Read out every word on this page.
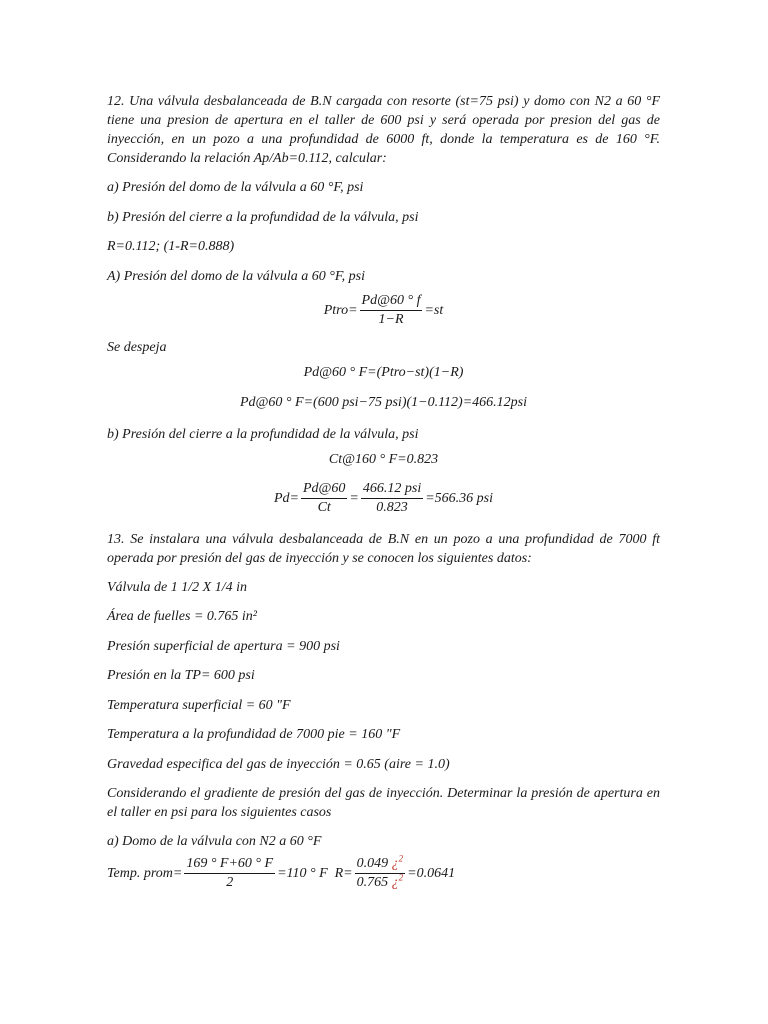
12. Una válvula desbalanceada de B.N cargada con resorte (st=75 psi) y domo con N2 a 60 °F tiene una presion de apertura en el taller de 600 psi y será operada por presion del gas de inyección, en un pozo a una profundidad de 6000 ft, donde la temperatura es de 160 °F. Considerando la relación Ap/Ab=0.112, calcular:

a) Presión del domo de la válvula a 60 °F, psi

b) Presión del cierre a la profundidad de la válvula, psi

R=0.112; (1-R=0.888)

A) Presión del domo de la válvula a 60 °F, psi

Ptro= $\frac{Pd@60 ^\circ f}{1-R} =st$

Se despeja

Pd@60 ° F=(Ptro−st)(1−R)
Pd@60 ° F=(600 psi−75 psi)(1−0.112)=466.12 psi

b) Presión del cierre a la profundidad de la válvula, psi

Ct@160 ° F=0.823
$Pd= \frac{Pd@60}{Ct} = \frac{\text{466.12 psi}}{0.823} =566.36$ psi

13. Se instalara una válvula desbalanceada de B.N en un pozo a una profundidad de 7000 ft operada por presión del gas de inyección y se conocen los siguientes datos:

Válvula de 1 1/2 X 1/4 in

Área de fuelles = 0.765 in²

Presión superficial de apertura = 900 psi

Presión en la TP= 600 psi

Temperatura superficial = 60 "F

Temperatura a la profundidad de 7000 pie = 160 "F

Gravedad especifica del gas de inyección = 0.65 (aire = 1.0)

Considerando el gradiente de presión del gas de inyección. Determinar la presión de apertura en el taller en psi para los siguientes casos

a) Domo de la válvula con N2 a 60 °F

Temp. prom= $\frac{169 ^\circ F+60 ^\circ F}{2} =110$ ° F  $R= \frac{0.049 ¿^2}{0.765 ¿^2} =0.0641$
